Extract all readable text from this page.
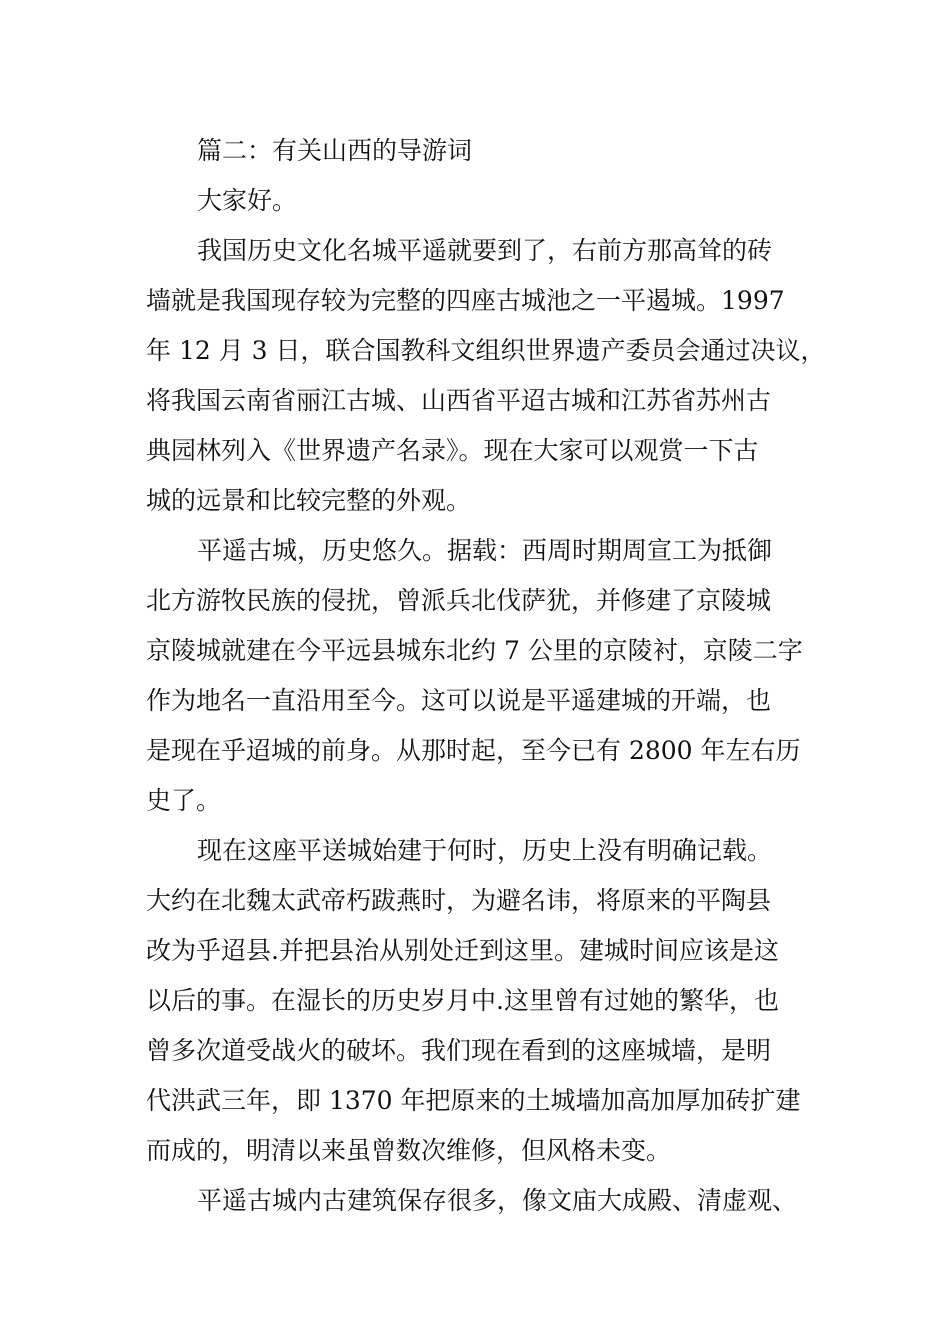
篇二：有关山西的导游词
大家好。
我国历史文化名城平遥就要到了，右前方那高耸的砖
墙就是我国现存较为完整的四座古城池之一平遏城。1997
年 12 月 3 日，联合国教科文组织世界遗产委员会通过决议，
将我国云南省丽江古城、山西省平迢古城和江苏省苏州古
典园林列入《世界遗产名录》。现在大家可以观赏一下古
城的远景和比较完整的外观。
平遥古城，历史悠久。据载：西周时期周宣工为抵御
北方游牧民族的侵扰，曾派兵北伐萨犹，并修建了京陵城
京陵城就建在今平远县城东北约 7 公里的京陵衬，京陵二字
作为地名一直沿用至今。这可以说是平遥建城的开端，也
是现在乎迢城的前身。从那时起，至今已有 2800 年左右历
史了。
现在这座平送城始建于何时，历史上没有明确记载。
大约在北魏太武帝朽跋燕时，为避名讳，将原来的平陶县
改为乎迢县.并把县治从别处迁到这里。建城时间应该是这
以后的事。在湿长的历史岁月中.这里曾有过她的繁华，也
曾多次道受战火的破坏。我们现在看到的这座城墙，是明
代洪武三年，即 1370 年把原来的土城墙加高加厚加砖扩建
而成的，明清以来虽曾数次维修，但风格未变。
平遥古城内古建筑保存很多，像文庙大成殿、清虚观、
